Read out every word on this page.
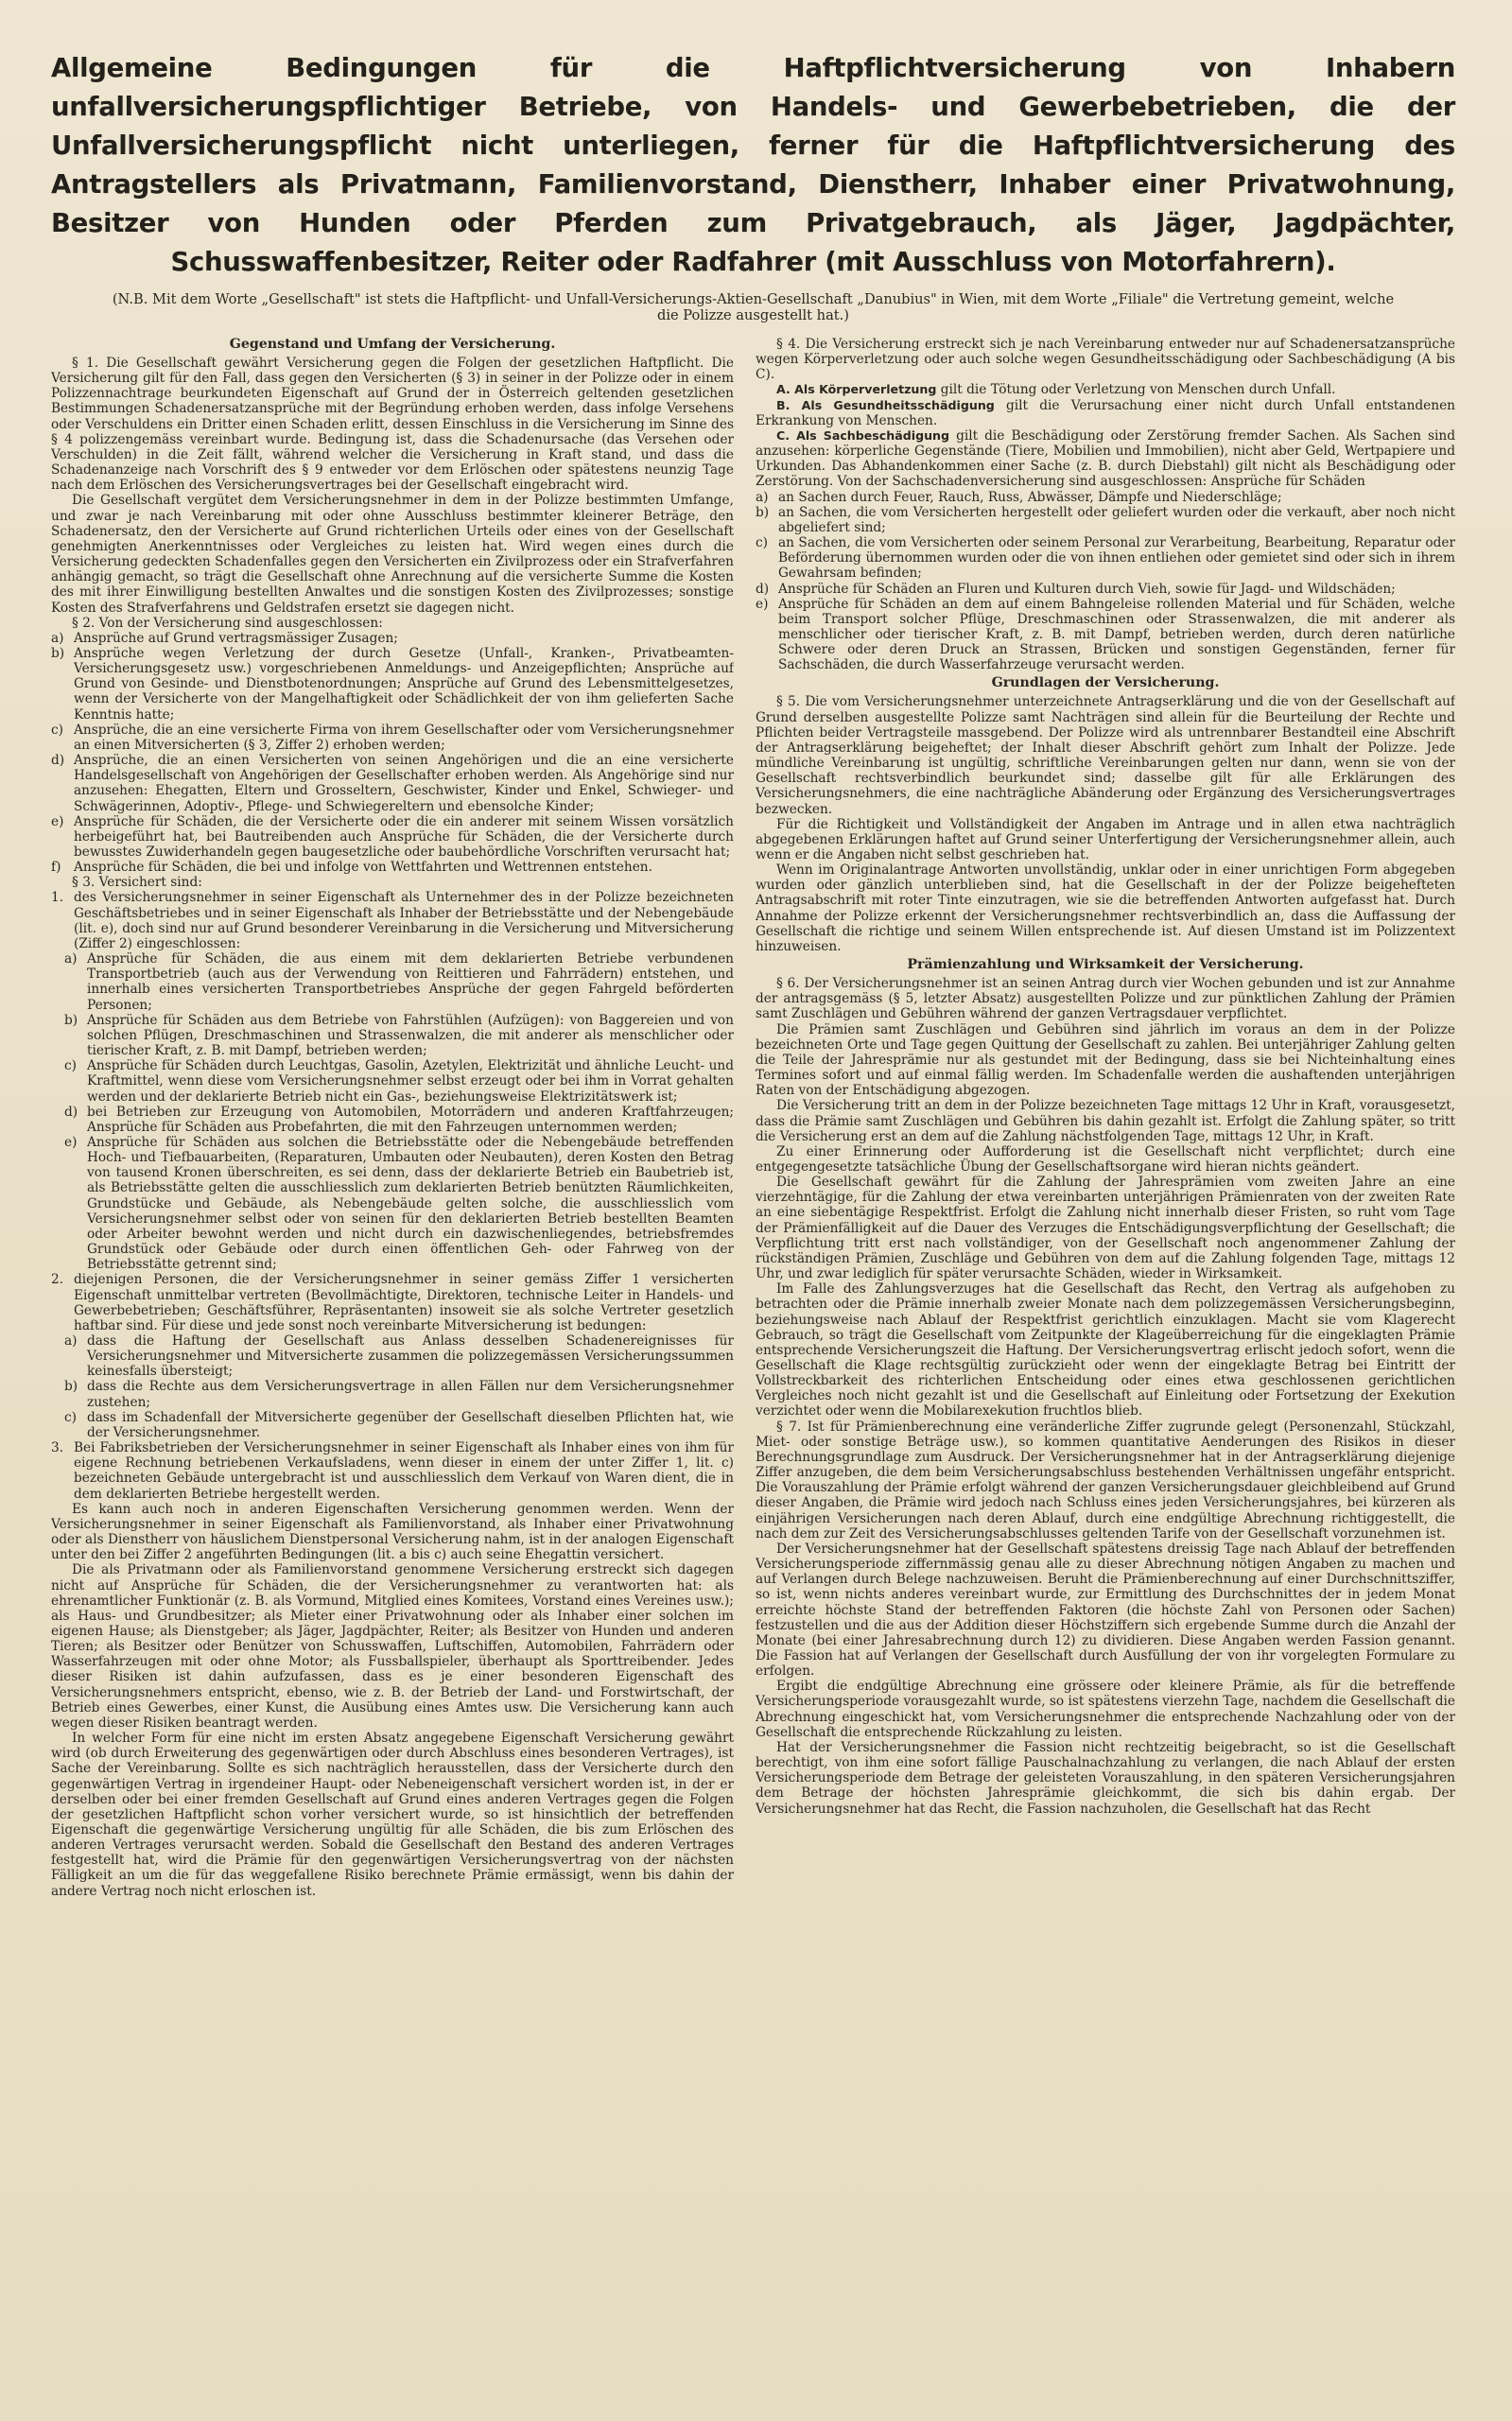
Allgemeine Bedingungen für die Haftpflichtversicherung von Inhabern unfallversicherungspflichtiger Betriebe, von Handels- und Gewerbebetrieben, die der Unfallversicherungspflicht nicht unterliegen, ferner für die Haftpflichtversicherung des Antragstellers als Privatmann, Familienvorstand, Dienstherr, Inhaber einer Privatwohnung, Besitzer von Hunden oder Pferden zum Privatgebrauch, als Jäger, Jagdpächter, Schusswaffenbesitzer, Reiter oder Radfahrer (mit Ausschluss von Motorfahrern).
(N.B. Mit dem Worte „Gesellschaft" ist stets die Haftpflicht- und Unfall-Versicherungs-Aktien-Gesellschaft „Danubius" in Wien, mit dem Worte „Filiale" die Vertretung gemeint, welche die Polizze ausgestellt hat.)
Gegenstand und Umfang der Versicherung.

§ 1. Die Gesellschaft gewährt Versicherung gegen die Folgen der gesetzlichen Haftpflicht. Die Versicherung gilt für den Fall, dass gegen den Versicherten (§ 3) in seiner in der Polizze oder in einem Polizzennachtrage beurkundeten Eigenschaft auf Grund der in Österreich geltenden gesetzlichen Bestimmungen Schadenersatzansprüche mit der Begründung erhoben werden, dass infolge Versehens oder Verschuldens ein Dritter einen Schaden erlitt, dessen Einschluss in die Versicherung im Sinne des § 4 polizzengemäss vereinbart wurde. Bedingung ist, dass die Schadenursache (das Versehen oder Verschulden) in die Zeit fällt, während welcher die Versicherung in Kraft stand, und dass die Schadenanzeige nach Vorschrift des § 9 entweder vor dem Erlöschen oder spätestens neunzig Tage nach dem Erlöschen des Versicherungsvertrages bei der Gesellschaft eingebracht wird.

Die Gesellschaft vergütet dem Versicherungsnehmer in dem in der Polizze bestimmten Umfange, und zwar je nach Vereinbarung mit oder ohne Ausschluss bestimmter kleinerer Beträge, den Schadenersatz, den der Versicherte auf Grund richterlichen Urteils oder eines von der Gesellschaft genehmigten Anerkenntnisses oder Vergleiches zu leisten hat. Wird wegen eines durch die Versicherung gedeckten Schadenfalles gegen den Versicherten ein Zivilprozess oder ein Strafverfahren anhängig gemacht, so trägt die Gesellschaft ohne Anrechnung auf die versicherte Summe die Kosten des mit ihrer Einwilligung bestellten Anwaltes und die sonstigen Kosten des Zivilprozesses; sonstige Kosten des Strafverfahrens und Geldstrafen ersetzt sie dagegen nicht.

§ 2. Von der Versicherung sind ausgeschlossen:

a) Ansprüche auf Grund vertragsmässiger Zusagen;
b) Ansprüche wegen Verletzung der durch Gesetze (Unfall-, Kranken-, Privatbeamten-Versicherungsgesetz usw.) vorgeschriebenen Anmeldungs- und Anzeigepflichten; Ansprüche auf Grund von Gesinde- und Dienstbotenordnungen; Ansprüche auf Grund des Lebensmittelgesetzes, wenn der Versicherte von der Mangelhaftigkeit oder Schädlichkeit der von ihm gelieferten Sache Kenntnis hatte;
c) Ansprüche, die an eine versicherte Firma von ihrem Gesellschafter oder vom Versicherungsnehmer an einen Mitversicherten (§ 3, Ziffer 2) erhoben werden;
d) Ansprüche, die an einen Versicherten von seinen Angehörigen und die an eine versicherte Handelsgesellschaft von Angehörigen der Gesellschafter erhoben werden. Als Angehörige sind nur anzusehen: Ehegatten, Eltern und Grosseltern, Geschwister, Kinder und Enkel, Schwieger- und Schwägerinnen, Adoptiv-, Pflege- und Schwiegereltern und ebensolche Kinder;
e) Ansprüche für Schäden, die der Versicherte oder die ein anderer mit seinem Wissen vorsätzlich herbeigeführt hat, bei Bautreibenden auch Ansprüche für Schäden, die der Versicherte durch bewusstes Zuwiderhandeln gegen baugesetzliche oder baubehördliche Vorschriften verursacht hat;
f) Ansprüche für Schäden, die bei und infolge von Wettfahrten und Wettrennen entstehen.

§ 3. Versichert sind:

1. des Versicherungsnehmer in seiner Eigenschaft als Unternehmer des in der Polizze bezeichneten Geschäftsbetriebes und in seiner Eigenschaft als Inhaber der Betriebsstätte und der Nebengebäude (lit. e), doch sind nur auf Grund besonderer Vereinbarung in die Versicherung und Mitversicherung (Ziffer 2) eingeschlossen:
a) Ansprüche für Schäden, die aus einem mit dem deklarierten Betriebe verbundenen Transportbetrieb (auch aus der Verwendung von Reittieren und Fahrrädern) entstehen, und innerhalb eines versicherten Transportbetriebes Ansprüche der gegen Fahrgeld beförderten Personen;
b) Ansprüche für Schäden aus dem Betriebe von Fahrstühlen (Aufzügen): von Baggereien und von solchen Pflügen, Dreschmaschinen und Strassenwalzen, die mit anderer als menschlicher oder tierischer Kraft, z. B. mit Dampf, betrieben werden;
c) Ansprüche für Schäden durch Leuchtgas, Gasolin, Azetylen, Elektrizität und ähnliche Leucht- und Kraftmittel, wenn diese vom Versicherungsnehmer selbst erzeugt oder bei ihm in Vorrat gehalten werden und der deklarierte Betrieb nicht ein Gas-, beziehungsweise Elektrizitätswerk ist;
d) bei Betrieben zur Erzeugung von Automobilen, Motorrädern und anderen Kraftfahrzeugen; Ansprüche für Schäden aus Probefahrten, die mit den Fahrzeugen unternommen werden;
e) Ansprüche für Schäden aus solchen die Betriebsstätte oder die Nebengebäude betreffenden Hoch- und Tiefbauarbeiten, (Reparaturen, Umbauten oder Neubauten), deren Kosten den Betrag von tausend Kronen überschreiten, es sei denn, dass der deklarierte Betrieb ein Baubetrieb ist, als Betriebsstätte gelten die ausschliesslich zum deklarierten Betrieb benützten Räumlichkeiten, Grundstücke und Gebäude, als Nebengebäude gelten solche, die ausschliesslich vom Versicherungsnehmer selbst oder von seinen für den deklarierten Betrieb bestellten Beamten oder Arbeiter bewohnt werden und nicht durch ein dazwischenliegendes, betriebsfremdes Grundstück oder Gebäude oder durch einen öffentlichen Geh- oder Fahrweg von der Betriebsstätte getrennt sind;
2. diejenigen Personen, die der Versicherungsnehmer in seiner gemäss Ziffer 1 versicherten Eigenschaft unmittelbar vertreten (Bevollmächtigte, Direktoren, technische Leiter in Handels- und Gewerbebetrieben; Geschäftsführer, Repräsentanten) insoweit sie als solche Vertreter gesetzlich haftbar sind. Für diese und jede sonst noch vereinbarte Mitversicherung ist bedungen:
a) dass die Haftung der Gesellschaft aus Anlass desselben Schadenereignisses für Versicherungsnehmer und Mitversicherte zusammen die polizzegemässen Versicherungssummen keinesfalls übersteigt;
b) dass die Rechte aus dem Versicherungsvertrage in allen Fällen nur dem Versicherungsnehmer zustehen;
c) dass im Schadenfall der Mitversicherte gegenüber der Gesellschaft dieselben Pflichten hat, wie der Versicherungsnehmer.
3. Bei Fabriksbetrieben der Versicherungsnehmer in seiner Eigenschaft als Inhaber eines von ihm für eigene Rechnung betriebenen Verkaufsladens, wenn dieser in einem der unter Ziffer 1, lit. c) bezeichneten Gebäude untergebracht ist und ausschliesslich dem Verkauf von Waren dient, die in dem deklarierten Betriebe hergestellt werden.

Es kann auch noch in anderen Eigenschaften Versicherung genommen werden. Wenn der Versicherungsnehmer in seiner Eigenschaft als Familienvorstand, als Inhaber einer Privatwohnung oder als Dienstherr von häuslichem Dienstpersonal Versicherung nahm, ist in der analogen Eigenschaft unter den bei Ziffer 2 angeführten Bedingungen (lit. a bis c) auch seine Ehegattin versichert.

Die als Privatmann oder als Familienvorstand genommene Versicherung erstreckt sich dagegen nicht auf Ansprüche für Schäden, die der Versicherungsnehmer zu verantworten hat: als ehrenamtlicher Funktionär (z. B. als Vormund, Mitglied eines Komitees, Vorstand eines Vereines usw.); als Haus- und Grundbesitzer; als Mieter einer Privatwohnung oder als Inhaber einer solchen im eigenen Hause; als Dienstgeber; als Jäger, Jagdpächter, Reiter; als Besitzer von Hunden und anderen Tieren; als Besitzer oder Benützer von Schusswaffen, Luftschiffen, Automobilen, Fahrrädern oder Wasserfahrzeugen mit oder ohne Motor; als Fussballspieler, überhaupt als Sporttreibender. Jedes dieser Risiken ist dahin aufzufassen, dass es je einer besonderen Eigenschaft des Versicherungsnehmers entspricht, ebenso, wie z. B. der Betrieb der Land- und Forstwirtschaft, der Betrieb eines Gewerbes, einer Kunst, die Ausübung eines Amtes usw. Die Versicherung kann auch wegen dieser Risiken beantragt werden.

In welcher Form für eine nicht im ersten Absatz angegebene Eigenschaft Versicherung gewährt wird (ob durch Erweiterung des gegenwärtigen oder durch Abschluss eines besonderen Vertrages), ist Sache der Vereinbarung. Sollte es sich nachträglich herausstellen, dass der Versicherte durch den gegenwärtigen Vertrag in irgendeiner Haupt- oder Nebeneigenschaft versichert worden ist, in der er derselben oder bei einer fremden Gesellschaft auf Grund eines anderen Vertrages gegen die Folgen der gesetzlichen Haftpflicht schon vorher versichert wurde, so ist hinsichtlich der betreffenden Eigenschaft die gegenwärtige Versicherung ungültig für alle Schäden, die bis zum Erlöschen des anderen Vertrages verursacht werden. Sobald die Gesellschaft den Bestand des anderen Vertrages festgestellt hat, wird die Prämie für den gegenwärtigen Versicherungsvertrag von der nächsten Fälligkeit an um die für das weggefallene Risiko berechnete Prämie ermässigt, wenn bis dahin der andere Vertrag noch nicht erloschen ist.

§ 4. Die Versicherung erstreckt sich je nach Vereinbarung entweder nur auf Schadenersatzansprüche wegen Körperverletzung oder auch solche wegen Gesundheitsschädigung oder Sachbeschädigung (A bis C).

A. Als Körperverletzung gilt die Tötung oder Verletzung von Menschen durch Unfall.

B. Als Gesundheitsschädigung gilt die Verursachung einer nicht durch Unfall entstandenen Erkrankung von Menschen.

C. Als Sachbeschädigung gilt die Beschädigung oder Zerstörung fremder Sachen. Als Sachen sind anzusehen: körperliche Gegenstände (Tiere, Mobilien und Immobilien), nicht aber Geld, Wertpapiere und Urkunden. Das Abhandenkommen einer Sache (z. B. durch Diebstahl) gilt nicht als Beschädigung oder Zerstörung. Von der Sachschadenversicherung sind ausgeschlossen: Ansprüche für Schäden

a) an Sachen durch Feuer, Rauch, Russ, Abwässer, Dämpfe und Niederschläge;
b) an Sachen, die vom Versicherten hergestellt oder geliefert wurden oder die verkauft, aber noch nicht abgeliefert sind;
c) an Sachen, die vom Versicherten oder seinem Personal zur Verarbeitung, Bearbeitung, Reparatur oder Beförderung übernommen wurden oder die von ihnen entliehen oder gemietet sind oder sich in ihrem Gewahrsam befinden;
d) Ansprüche für Schäden an Fluren und Kulturen durch Vieh, sowie für Jagd- und Wildschäden;
e) Ansprüche für Schäden an dem auf einem Bahngeleise rollenden Material und für Schäden, welche beim Transport solcher Pflüge, Dreschmaschinen oder Strassenwalzen, die mit anderer als menschlicher oder tierischer Kraft, z. B. mit Dampf, betrieben werden, durch deren natürliche Schwere oder deren Druck an Strassen, Brücken und sonstigen Gegenständen, ferner für Sachschäden, die durch Wasserfahrzeuge verursacht werden.
Grundlagen der Versicherung.

§ 5. Die vom Versicherungsnehmer unterzeichnete Antragserklärung und die von der Gesellschaft auf Grund derselben ausgestellte Polizze samt Nachträgen sind allein für die Beurteilung der Rechte und Pflichten beider Vertragsteile massgebend. Der Polizze wird als untrennbarer Bestandteil eine Abschrift der Antragserklärung beigeheftet; der Inhalt dieser Abschrift gehört zum Inhalt der Polizze. Jede mündliche Vereinbarung ist ungültig, schriftliche Vereinbarungen gelten nur dann, wenn sie von der Gesellschaft rechtsverbindlich beurkundet sind; dasselbe gilt für alle Erklärungen des Versicherungsnehmers, die eine nachträgliche Abänderung oder Ergänzung des Versicherungsvertrages bezwecken.

Für die Richtigkeit und Vollständigkeit der Angaben im Antrage und in allen etwa nachträglich abgegebenen Erklärungen haftet auf Grund seiner Unterfertigung der Versicherungsnehmer allein, auch wenn er die Angaben nicht selbst geschrieben hat.

Wenn im Originalantrage Antworten unvollständig, unklar oder in einer unrichtigen Form abgegeben wurden oder gänzlich unterblieben sind, hat die Gesellschaft in der der Polizze beigehefteten Antragsabschrift mit roter Tinte einzutragen, wie sie die betreffenden Antworten aufgefasst hat. Durch Annahme der Polizze erkennt der Versicherungsnehmer rechtsverbindlich an, dass die Auffassung der Gesellschaft die richtige und seinem Willen entsprechende ist. Auf diesen Umstand ist im Polizzentext hinzuweisen.

Prämienzahlung und Wirksamkeit der Versicherung.

§ 6. Der Versicherungsnehmer ist an seinen Antrag durch vier Wochen gebunden und ist zur Annahme der antragsgemäss (§ 5, letzter Absatz) ausgestellten Polizze und zur pünktlichen Zahlung der Prämien samt Zuschlägen und Gebühren während der ganzen Vertragsdauer verpflichtet.

Die Prämien samt Zuschlägen und Gebühren sind jährlich im voraus an dem in der Polizze bezeichneten Orte und Tage gegen Quittung der Gesellschaft zu zahlen. Bei unterjähriger Zahlung gelten die Teile der Jahresprämie nur als gestundet mit der Bedingung, dass sie bei Nichteinhaltung eines Termines sofort und auf einmal fällig werden. Im Schadenfalle werden die aushaftenden unterjährigen Raten von der Entschädigung abgezogen.

Die Versicherung tritt an dem in der Polizze bezeichneten Tage mittags 12 Uhr in Kraft, vorausgesetzt, dass die Prämie samt Zuschlägen und Gebühren bis dahin gezahlt ist. Erfolgt die Zahlung später, so tritt die Versicherung erst an dem auf die Zahlung nächstfolgenden Tage, mittags 12 Uhr, in Kraft.

Zu einer Erinnerung oder Aufforderung ist die Gesellschaft nicht verpflichtet; durch eine entgegengesetzte tatsächliche Übung der Gesellschaftsorgane wird hieran nichts geändert.

Die Gesellschaft gewährt für die Zahlung der Jahresprämien vom zweiten Jahre an eine vierzehntägige, für die Zahlung der etwa vereinbarten unterjährigen Prämienraten von der zweiten Rate an eine siebentägige Respektfrist. Erfolgt die Zahlung nicht innerhalb dieser Fristen, so ruht vom Tage der Prämienfälligkeit auf die Dauer des Verzuges die Entschädigungsverpflichtung der Gesellschaft; die Verpflichtung tritt erst nach vollständiger, von der Gesellschaft noch angenommener Zahlung der rückständigen Prämien, Zuschläge und Gebühren von dem auf die Zahlung folgenden Tage, mittags 12 Uhr, und zwar lediglich für später verursachte Schäden, wieder in Wirksamkeit.

Im Falle des Zahlungsverzuges hat die Gesellschaft das Recht, den Vertrag als aufgehoben zu betrachten oder die Prämie innerhalb zweier Monate nach dem polizzegemässen Versicherungsbeginn, beziehungsweise nach Ablauf der Respektfrist gerichtlich einzuklagen. Macht sie vom Klagerecht Gebrauch, so trägt die Gesellschaft vom Zeitpunkte der Klageüberreichung für die eingeklagten Prämie entsprechende Versicherungszeit die Haftung. Der Versicherungsvertrag erlischt jedoch sofort, wenn die Gesellschaft die Klage rechtsgültig zurückzieht oder wenn der eingeklagte Betrag bei Eintritt der Vollstreckbarkeit des richterlichen Entscheidung oder eines etwa geschlossenen gerichtlichen Vergleiches noch nicht gezahlt ist und die Gesellschaft auf Einleitung oder Fortsetzung der Exekution verzichtet oder wenn die Mobilarexekution fruchtlos blieb.

§ 7. Ist für Prämienberechnung eine veränderliche Ziffer zugrunde gelegt (Personenzahl, Stückzahl, Miet- oder sonstige Beträge usw.), so kommen quantitative Aenderungen des Risikos in dieser Berechnungsgrundlage zum Ausdruck. Der Versicherungsnehmer hat in der Antragserklärung diejenige Ziffer anzugeben, die dem beim Versicherungsabschluss bestehenden Verhältnissen ungefähr entspricht. Die Vorauszahlung der Prämie erfolgt während der ganzen Versicherungsdauer gleichbleibend auf Grund dieser Angaben, die Prämie wird jedoch nach Schluss eines jeden Versicherungsjahres, bei kürzeren als einjährigen Versicherungen nach deren Ablauf, durch eine endgültige Abrechnung richtiggestellt, die nach dem zur Zeit des Versicherungsabschlusses geltenden Tarife von der Gesellschaft vorzunehmen ist.

Der Versicherungsnehmer hat der Gesellschaft spätestens dreissig Tage nach Ablauf der betreffenden Versicherungsperiode ziffernmässig genau alle zu dieser Abrechnung nötigen Angaben zu machen und auf Verlangen durch Belege nachzuweisen. Beruht die Prämienberechnung auf einer Durchschnittsziffer, so ist, wenn nichts anderes vereinbart wurde, zur Ermittlung des Durchschnittes der in jedem Monat erreichte höchste Stand der betreffenden Faktoren (die höchste Zahl von Personen oder Sachen) festzustellen und die aus der Addition dieser Höchstziffern sich ergebende Summe durch die Anzahl der Monate (bei einer Jahresabrechnung durch 12) zu dividieren. Diese Angaben werden Fassion genannt. Die Fassion hat auf Verlangen der Gesellschaft durch Ausfüllung der von ihr vorgelegten Formulare zu erfolgen.

Ergibt die endgültige Abrechnung eine grössere oder kleinere Prämie, als für die betreffende Versicherungsperiode vorausgezahlt wurde, so ist spätestens vierzehn Tage, nachdem die Gesellschaft die Abrechnung eingeschickt hat, vom Versicherungsnehmer die entsprechende Nachzahlung oder von der Gesellschaft die entsprechende Rückzahlung zu leisten.

Hat der Versicherungsnehmer die Fassion nicht rechtzeitig beigebracht, so ist die Gesellschaft berechtigt, von ihm eine sofort fällige Pauschalnachzahlung zu verlangen, die nach Ablauf der ersten Versicherungsperiode dem Betrage der geleisteten Vorauszahlung, in den späteren Versicherungsjahren dem Betrage der höchsten Jahresprämie gleichkommt, die sich bis dahin ergab. Der Versicherungsnehmer hat das Recht, die Fassion nachzuholen, die Gesellschaft hat das Recht
